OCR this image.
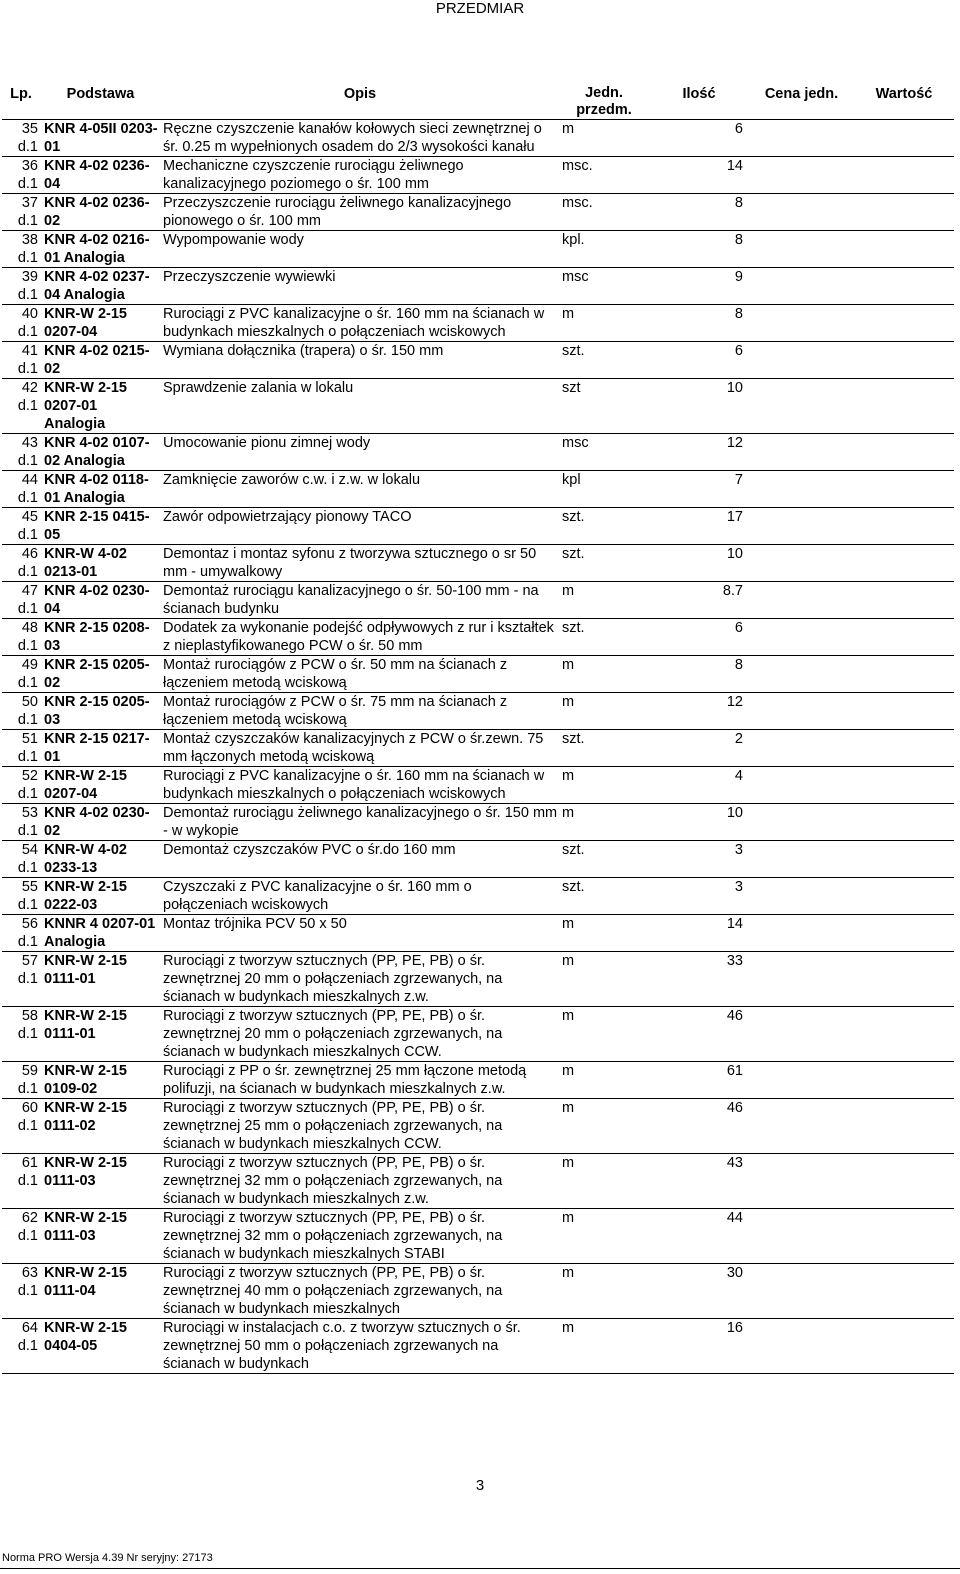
PRZEDMIAR
Lp.	Podstawa	Opis	Jedn. przedm.	Ilość	Cena jedn.	Wartość
35 d.1	KNR 4-05II 0203-01	Ręczne czyszczenie kanałów kołowych sieci zewnętrznej o śr. 0.25 m wypełnionych osadem do 2/3 wysokości kanału	m	6		
36 d.1	KNR 4-02 0236-04	Mechaniczne czyszczenie rurociągu żeliwnego kanalizacyjnego poziomego o śr. 100 mm	msc.	14		
37 d.1	KNR 4-02 0236-02	Przeczyszczenie rurociągu żeliwnego kanalizacyjnego pionowego o śr. 100 mm	msc.	8		
38 d.1	KNR 4-02 0216-01 Analogia	Wypompowanie wody	kpl.	8		
39 d.1	KNR 4-02 0237-04 Analogia	Przeczyszczenie wywiewki	msc	9		
40 d.1	KNR-W 2-15 0207-04	Rurociągi z PVC kanalizacyjne o śr. 160 mm na ścianach w budynkach mieszkalnych o połączeniach wciskowych	m	8		
41 d.1	KNR 4-02 0215-02	Wymiana dołącznika (trapera) o śr. 150 mm	szt.	6		
42 d.1	KNR-W 2-15 0207-01 Analogia	Sprawdzenie zalania w lokalu	szt	10		
43 d.1	KNR 4-02 0107-02 Analogia	Umocowanie pionu zimnej wody	msc	12		
44 d.1	KNR 4-02 0118-01 Analogia	Zamknięcie zaworów c.w. i z.w. w lokalu	kpl	7		
45 d.1	KNR 2-15 0415-05	Zawór odpowietrzający pionowy TACO	szt.	17		
46 d.1	KNR-W 4-02 0213-01	Demontaz i montaz syfonu z tworzywa sztucznego o sr 50 mm - umywalkowy	szt.	10		
47 d.1	KNR 4-02 0230-04	Demontaż rurociągu kanalizacyjnego o śr. 50-100 mm - na ścianach budynku	m	8.7		
48 d.1	KNR 2-15 0208-03	Dodatek za wykonanie podejść odpływowych z rur i kształtek z nieplastyfikowanego PCW o śr. 50 mm	szt.	6		
49 d.1	KNR 2-15 0205-02	Montaż rurociągów z PCW o śr. 50 mm na ścianach z łączeniem metodą wciskową	m	8		
50 d.1	KNR 2-15 0205-03	Montaż rurociągów z PCW o śr. 75 mm na ścianach z łączeniem metodą wciskową	m	12		
51 d.1	KNR 2-15 0217-01	Montaż czyszczaków kanalizacyjnych z PCW o śr.zewn. 75 mm łączonych metodą wciskową	szt.	2		
52 d.1	KNR-W 2-15 0207-04	Rurociągi z PVC kanalizacyjne o śr. 160 mm na ścianach w budynkach mieszkalnych o połączeniach wciskowych	m	4		
53 d.1	KNR 4-02 0230-02	Demontaż rurociągu żeliwnego kanalizacyjnego o śr. 150 mm - w wykopie	m	10		
54 d.1	KNR-W 4-02 0233-13	Demontaż czyszczaków PVC o śr.do 160 mm	szt.	3		
55 d.1	KNR-W 2-15 0222-03	Czyszczaki z PVC kanalizacyjne o śr. 160 mm o połączeniach wciskowych	szt.	3		
56 d.1	KNNR 4 0207-01 Analogia	Montaz trójnika PCV 50 x 50	m	14		
57 d.1	KNR-W 2-15 0111-01	Rurociągi z tworzyw sztucznych (PP, PE, PB) o śr. zewnętrznej 20 mm o połączeniach zgrzewanych, na ścianach w budynkach mieszkalnych z.w.	m	33		
58 d.1	KNR-W 2-15 0111-01	Rurociągi z tworzyw sztucznych (PP, PE, PB) o śr. zewnętrznej 20 mm o połączeniach zgrzewanych, na ścianach w budynkach mieszkalnych CCW.	m	46		
59 d.1	KNR-W 2-15 0109-02	Rurociągi z PP o śr. zewnętrznej 25 mm łączone metodą polifuzji, na ścianach w budynkach mieszkalnych z.w.	m	61		
60 d.1	KNR-W 2-15 0111-02	Rurociągi z tworzyw sztucznych (PP, PE, PB) o śr. zewnętrznej 25 mm o połączeniach zgrzewanych, na ścianach w budynkach mieszkalnych CCW.	m	46		
61 d.1	KNR-W 2-15 0111-03	Rurociągi z tworzyw sztucznych (PP, PE, PB) o śr. zewnętrznej 32 mm o połączeniach zgrzewanych, na ścianach w budynkach mieszkalnych z.w.	m	43		
62 d.1	KNR-W 2-15 0111-03	Rurociągi z tworzyw sztucznych (PP, PE, PB) o śr. zewnętrznej 32 mm o połączeniach zgrzewanych, na ścianach w budynkach mieszkalnych STABI	m	44		
63 d.1	KNR-W 2-15 0111-04	Rurociągi z tworzyw sztucznych (PP, PE, PB) o śr. zewnętrznej 40 mm o połączeniach zgrzewanych, na ścianach w budynkach mieszkalnych	m	30		
64 d.1	KNR-W 2-15 0404-05	Rurociągi w instalacjach c.o. z tworzyw sztucznych o śr. zewnętrznej 50 mm o połączeniach zgrzewanych na ścianach w budynkach	m	16		
3
Norma PRO Wersja 4.39 Nr seryjny: 27173
